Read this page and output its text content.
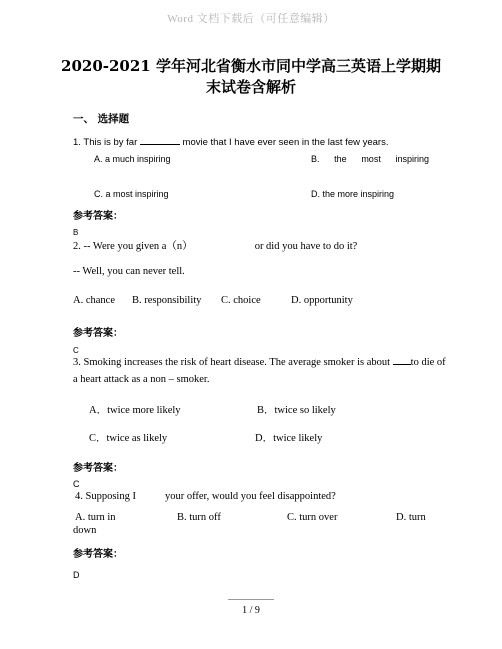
Word 文档下载后（可任意编辑）
2020-2021 学年河北省衡水市同中学高三英语上学期期
末试卷含解析
一、 选择题
1. This is by far	movie that I have ever seen in the last few years.
A. a much inspiring	B. the most inspiring
C. a most inspiring	D. the more inspiring
参考答案：
B
2. -- Were you given a（n）	or did you have to do it?
-- Well, you can never tell.
A. chance B. responsibility C. choice	D. opportunity
参考答案：
C
3. Smoking increases the risk of heart disease. The average smoker is about to die of
a heart attack as a non – smoker.
A．twice more likely	B．twice so likely
C．twice as likely	D．twice likely
参考答案：
C
4. Supposing I	your offer, would you feel disappointed?
A. turn in	B. turn off	C. turn over	D. turn
down
参考答案：
D
1 / 9
